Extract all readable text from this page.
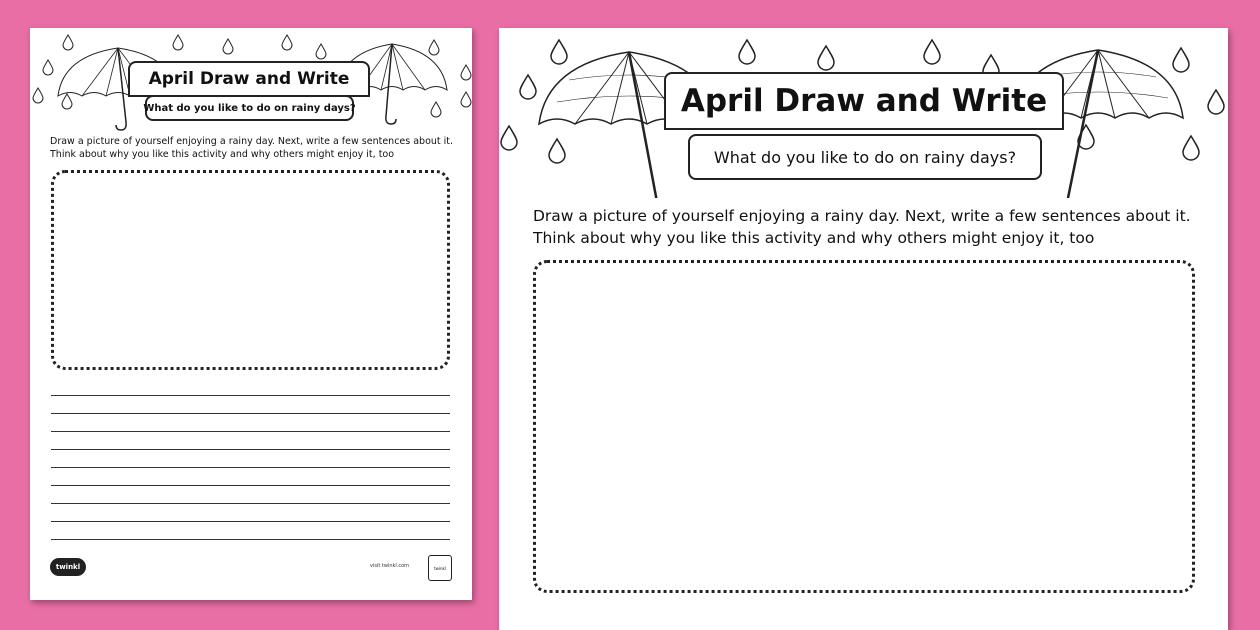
April Draw and Write
What do you like to do on rainy days?

Draw a picture of yourself enjoying a rainy day. Next, write a few sentences about it.
Think about why you like this activity and why others might enjoy it, too

twinkl	visit twinkl.com	twinkl
April Draw and Write
What do you like to do on rainy days?

Draw a picture of yourself enjoying a rainy day. Next, write a few sentences about it.
Think about why you like this activity and why others might enjoy it, too
